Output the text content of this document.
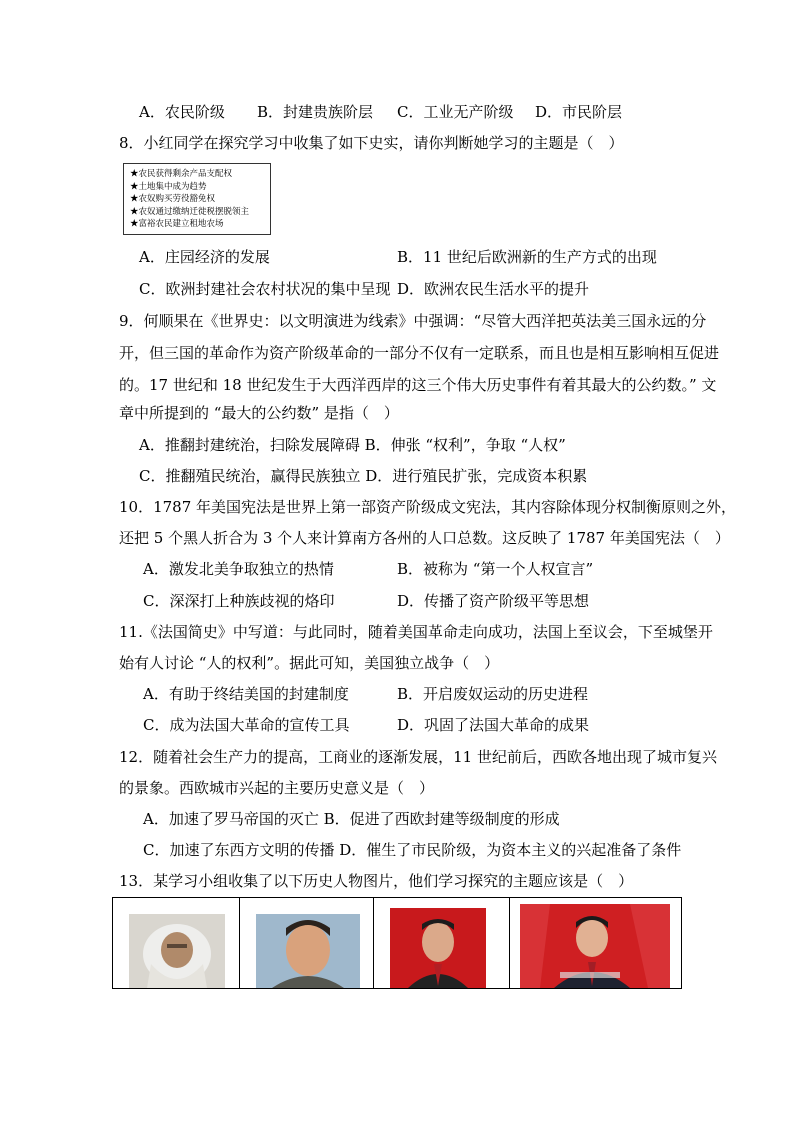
A．农民阶级 B．封建贵族阶层 C．工业无产阶级 D．市民阶层
8．小红同学在探究学习中收集了如下史实，请你判断她学习的主题是（　）
★农民获得剩余产品支配权
★土地集中成为趋势
★农奴购买劳役豁免权
★农奴通过缴纳迁徙税摆脱领主
★富裕农民建立租地农场
A．庄园经济的发展	B．11 世纪后欧洲新的生产方式的出现
C．欧洲封建社会农村状况的集中呈现 D．欧洲农民生活水平的提升
9．何顺果在《世界史：以文明演进为线索》中强调：“尽管大西洋把英法美三国永远的分
开，但三国的革命作为资产阶级革命的一部分不仅有一定联系，而且也是相互影响相互促进
的。17 世纪和 18 世纪发生于大西洋西岸的这三个伟大历史事件有着其最大的公约数。” 文
章中所提到的 “最大的公约数” 是指（　）
A．推翻封建统治，扫除发展障碍 B．伸张 “权利”，争取 “人权”
C．推翻殖民统治，赢得民族独立 D．进行殖民扩张，完成资本积累
10．1787 年美国宪法是世界上第一部资产阶级成文宪法，其内容除体现分权制衡原则之外，
还把 5 个黑人折合为 3 个人来计算南方各州的人口总数。这反映了 1787 年美国宪法（　）
A．激发北美争取独立的热情	B．被称为 “第一个人权宣言”
C．深深打上种族歧视的烙印	D．传播了资产阶级平等思想
11.《法国简史》中写道：与此同时，随着美国革命走向成功，法国上至议会，下至城堡开
始有人讨论 “人的权利”。据此可知，美国独立战争（　）
A．有助于终结美国的封建制度	B．开启废奴运动的历史进程
C．成为法国大革命的宣传工具	D．巩固了法国大革命的成果
12．随着社会生产力的提高，工商业的逐渐发展，11 世纪前后，西欧各地出现了城市复兴
的景象。西欧城市兴起的主要历史意义是（　）
A．加速了罗马帝国的灭亡 B．促进了西欧封建等级制度的形成
C．加速了东西方文明的传播 D．催生了市民阶级，为资本主义的兴起准备了条件
13．某学习小组收集了以下历史人物图片，他们学习探究的主题应该是（　）
